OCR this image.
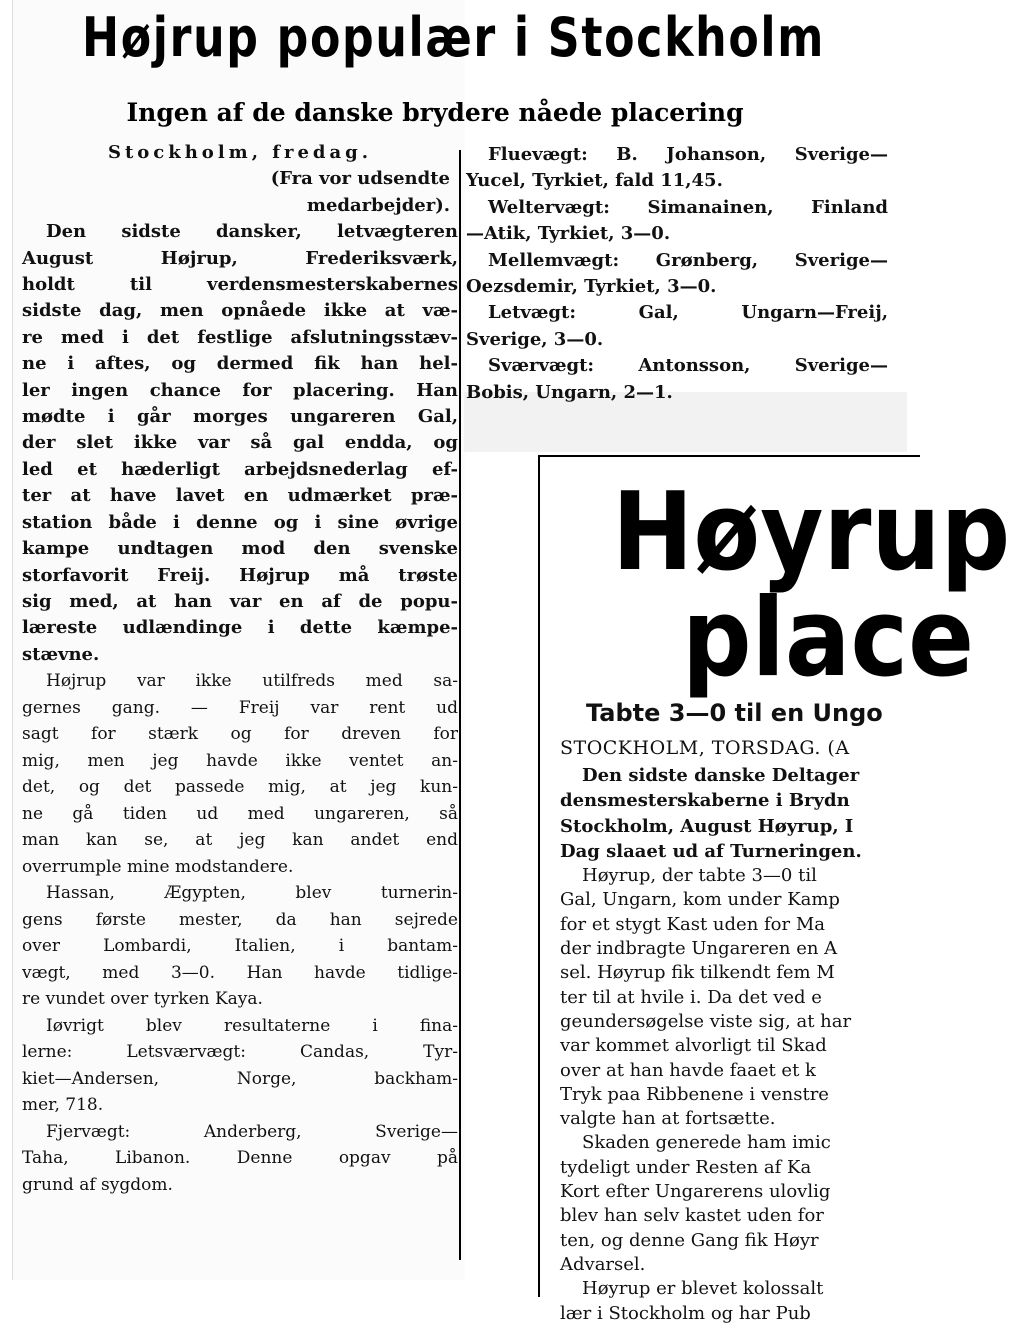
Højrup populær i Stockholm
Ingen af de danske brydere nåede placering

Stockholm, fredag.

(Fra vor udsendte

medarbejder).

Den sidste dansker, letvægteren

August Højrup, Frederiksværk,

holdt til verdensmesterskabernes

sidste dag, men opnåede ikke at væ-

re med i det festlige afslutningsstæv-

ne i aftes, og dermed fik han hel-

ler ingen chance for placering. Han

mødte i går morges ungareren Gal,

der slet ikke var så gal endda, og

led et hæderligt arbejdsnederlag ef-

ter at have lavet en udmærket præ-

station både i denne og i sine øvrige

kampe undtagen mod den svenske

storfavorit Freij. Højrup må trøste

sig med, at han var en af de popu-

læreste udlændinge i dette kæmpe-

stævne.

Højrup var ikke utilfreds med sa-

gernes gang. — Freij var rent ud

sagt for stærk og for dreven for

mig, men jeg havde ikke ventet an-

det, og det passede mig, at jeg kun-

ne gå tiden ud med ungareren, så

man kan se, at jeg kan andet end

overrumple mine modstandere.

Hassan, Ægypten, blev turnerin-

gens første mester, da han sejrede

over Lombardi, Italien, i bantam-

vægt, med 3—0. Han havde tidlige-

re vundet over tyrken Kaya.

Iøvrigt blev resultaterne i fina-

lerne: Letsværvægt: Candas, Tyr-

kiet—Andersen, Norge, backham-

mer, 718.

Fjervægt: Anderberg, Sverige—

Taha, Libanon. Denne opgav på

grund af sygdom.

Fluevægt: B. Johanson, Sverige—

Yucel, Tyrkiet, fald 11,45.

Weltervægt: Simanainen, Finland

—Atik, Tyrkiet, 3—0.

Mellemvægt: Grønberg, Sverige—

Oezsdemir, Tyrkiet, 3—0.

Letvægt: Gal, Ungarn—Freij,

Sverige, 3—0.

Sværvægt: Antonsson, Sverige—

Bobis, Ungarn, 2—1.

Høyrup
place
Tabte 3—0 til en Ungo
STOCKHOLM, TORSDAG. (A

Den sidste danske Deltager

densmesterskaberne i Brydn

Stockholm, August Høyrup, I

Dag slaaet ud af Turneringen.

Høyrup, der tabte 3—0 til

Gal, Ungarn, kom under Kamp

for et stygt Kast uden for Ma

der indbragte Ungareren en A

sel. Høyrup fik tilkendt fem M

ter til at hvile i. Da det ved e

geundersøgelse viste sig, at har

var kommet alvorligt til Skad

over at han havde faaet et k

Tryk paa Ribbenene i venstre

valgte han at fortsætte.

Skaden generede ham imic

tydeligt under Resten af Ka

Kort efter Ungarerens ulovlig

blev han selv kastet uden for

ten, og denne Gang fik Høyr

Advarsel.

Høyrup er blevet kolossalt

lær i Stockholm og har Pub
